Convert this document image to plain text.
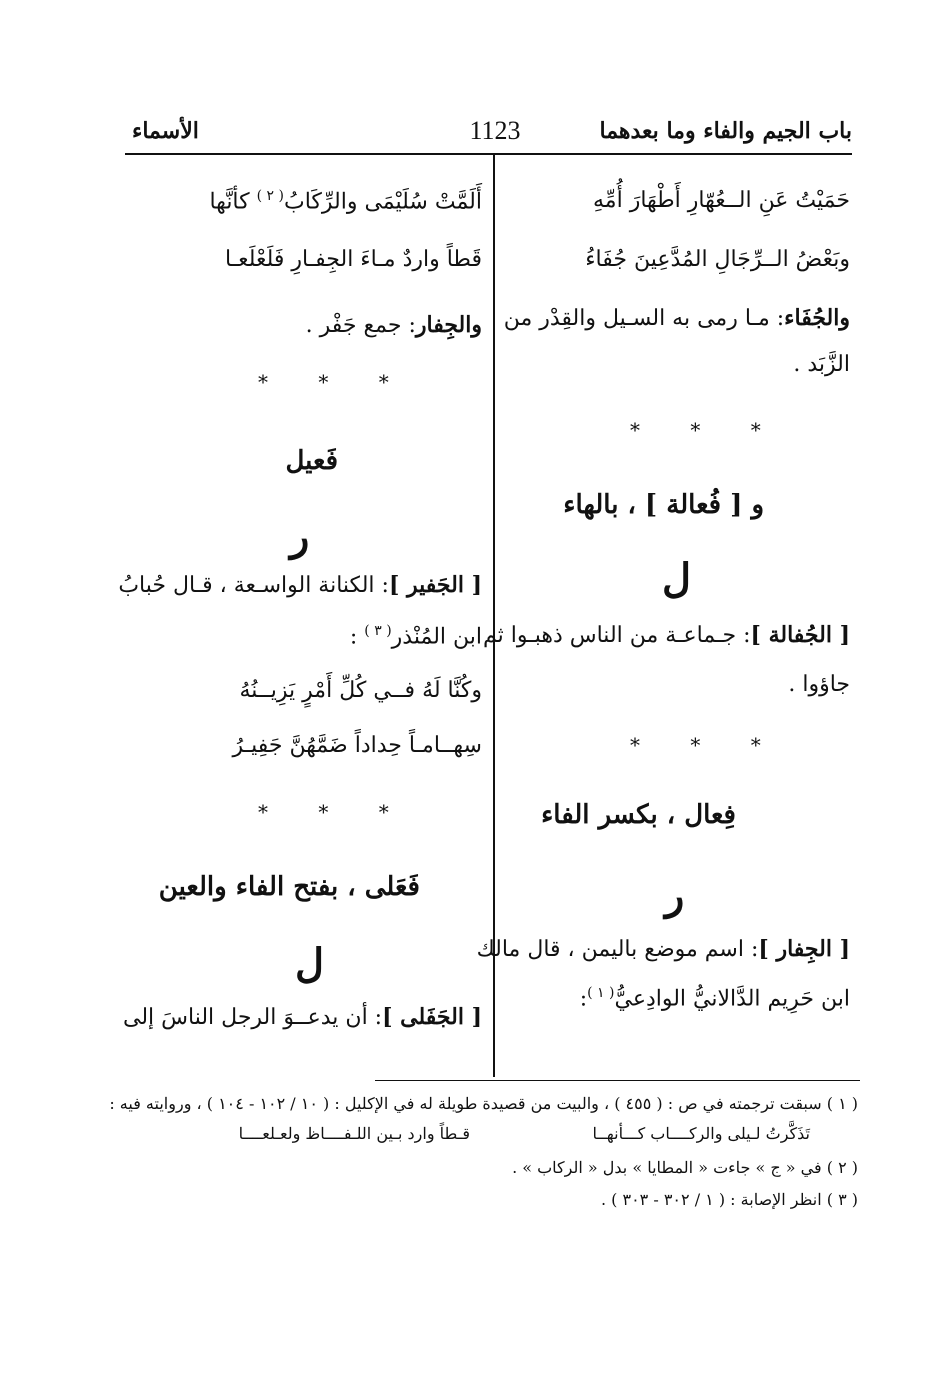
باب الجيم والفاء وما بعدهما
1123
الأسماء
حَمَيْتُ عَنِ الــعُهّارِ أَطْهَارَ أُمِّهِ
وبَعْضُ الــرِّجَالِ المُدَّعِينَ جُفَاءُ
والجُفَاء: مـا رمى به السـيل والقِدْر من
الزَّبَد .
* * *
و [ فُعالة ] ، بالهاء
ل
[ الجُفالة ]: جـماعـة من الناس ذهبـوا ثم
جاؤوا .
* * *
فِعال ، بكسر الفاء
ر
[ الجِفار ]: اسم موضع باليمن ، قال مالك
ابن حَرِيم الدَّالانيُّ الوادِعيُّ$^{( ١ )}$:
أَلَمَّتْ سُلَيْمَى والرِّكَابُ$^{( ٢ )}$ كأنَّها
قَطاً واردٌ مـاءَ الجِفـارِ فَلَعْلَعـا
والجِفار: جمع جَفْر .
* * *
فَعيل
ر
[ الجَفير ]: الكنانة الواسـعة ، قـال حُبابُ
ابن المُنْذر$^{( ٣ )}$ :
وكُنَّا لَهُ فــي كُلِّ أَمْرٍ يَزِيــنُهُ
سِهــامـاً حِداداً ضَمَّهُنَّ جَفِيـرُ
* * *
فَعَلى ، بفتح الفاء والعين
ل
[ الجَفَلى ]: أن يدعــوَ الرجل الناسَ إلى
( ١ ) سبقت ترجمته في ص : ( ٤٥٥ ) ، والبيت من قصيدة طويلة له في الإكليل : ( ١٠ / ١٠٢ - ١٠٤ ) ، وروايته فيه :
تَذَكَّرتُ لـيلى والركــــاب كـــأنهــا
قـطاً وارد بـين اللـفــــاظ ولعـلعــــا
( ٢ ) في « ج » جاءت « المطايا » بدل « الركاب » .
( ٣ ) انظر الإصابة : ( ١ / ٣٠٢ - ٣٠٣ ) .
